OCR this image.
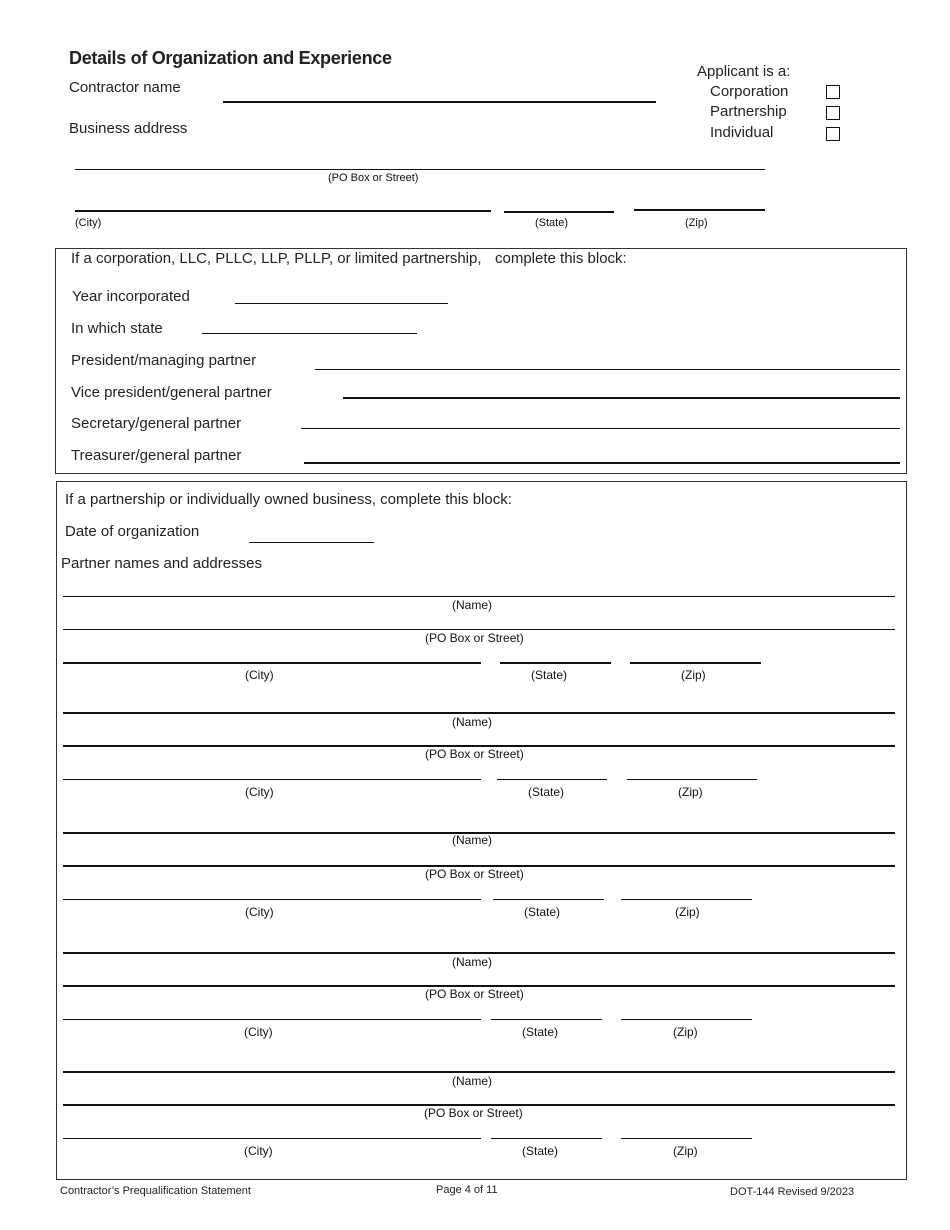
Details of Organization and Experience
Contractor name
Business address
Applicant is a:
Corporation
Partnership
Individual
(PO Box or Street)
(City)	(State)	(Zip)
If a corporation, LLC, PLLC, LLP, PLLP, or limited partnership, complete this block:
Year incorporated
In which state
President/managing partner
Vice president/general partner
Secretary/general partner
Treasurer/general partner
If a partnership or individually owned business, complete this block:
Date of organization
Partner names and addresses
(Name)
(PO Box or Street)
(City)	(State)	(Zip)
(Name)
(PO Box or Street)
(City)	(State)	(Zip)
(Name)
(PO Box or Street)
(City)	(State)	(Zip)
(Name)
(PO Box or Street)
(City)	(State)	(Zip)
(Name)
(PO Box or Street)
(City)	(State)	(Zip)
Contractor’s Prequalification Statement	Page 4 of 11	DOT-144 Revised 9/2023
